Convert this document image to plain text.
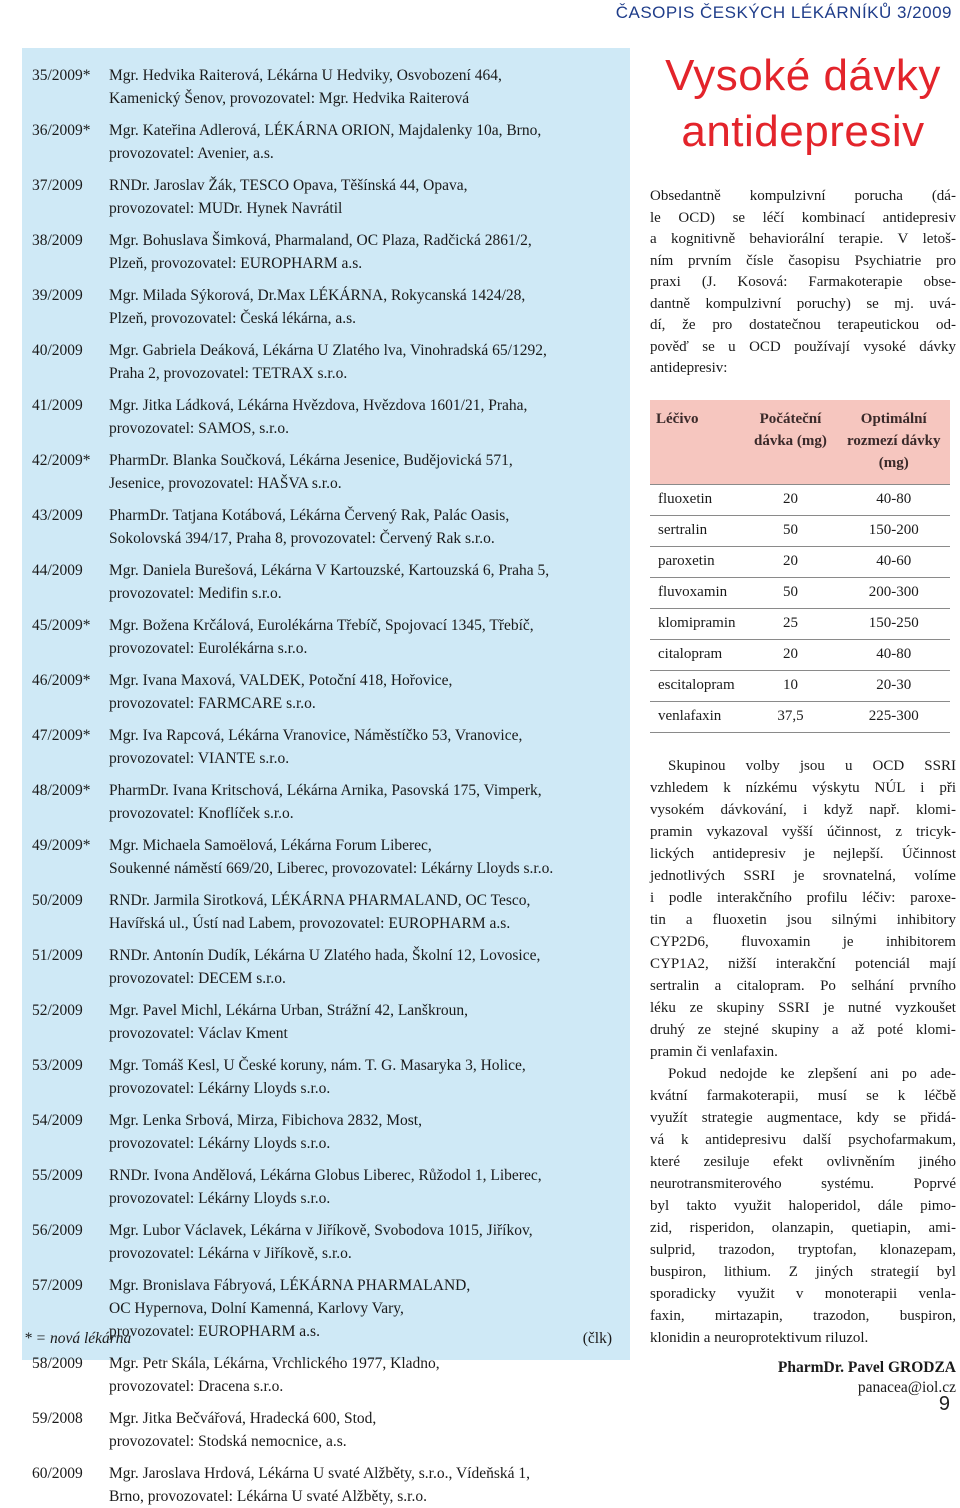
ČASOPIS ČESKÝCH LÉKÁRNÍKŮ 3/2009
35/2009*	Mgr. Hedvika Raiterová, Lékárna U Hedviky, Osvobození 464,
Kamenický Šenov, provozovatel: Mgr. Hedvika Raiterová
36/2009*	Mgr. Kateřina Adlerová, LÉKÁRNA ORION, Majdalenky 10a, Brno,
provozovatel: Avenier, a.s.
37/2009	RNDr. Jaroslav Žák, TESCO Opava, Těšínská 44, Opava,
provozovatel: MUDr. Hynek Navrátil
38/2009	Mgr. Bohuslava Šimková, Pharmaland, OC Plaza, Radčická 2861/2,
Plzeň, provozovatel: EUROPHARM a.s.
39/2009	Mgr. Milada Sýkorová, Dr.Max LÉKÁRNA, Rokycanská 1424/28,
Plzeň, provozovatel: Česká lékárna, a.s.
40/2009	Mgr. Gabriela Deáková, Lékárna U Zlatého lva, Vinohradská 65/1292,
Praha 2, provozovatel: TETRAX s.r.o.
41/2009	Mgr. Jitka Ládková, Lékárna Hvězdova, Hvězdova 1601/21, Praha,
provozovatel: SAMOS, s.r.o.
42/2009*	PharmDr. Blanka Součková, Lékárna Jesenice, Budějovická 571,
Jesenice, provozovatel: HAŠVA s.r.o.
43/2009	PharmDr. Tatjana Kotábová, Lékárna Červený Rak, Palác Oasis,
Sokolovská 394/17, Praha 8, provozovatel: Červený Rak s.r.o.
44/2009	Mgr. Daniela Burešová, Lékárna V Kartouzské, Kartouzská 6, Praha 5,
provozovatel: Medifin s.r.o.
45/2009*	Mgr. Božena Krčálová, Eurolékárna Třebíč, Spojovací 1345, Třebíč,
provozovatel: Eurolékárna s.r.o.
46/2009*	Mgr. Ivana Maxová, VALDEK, Potoční 418, Hořovice,
provozovatel: FARMCARE s.r.o.
47/2009*	Mgr. Iva Rapcová, Lékárna Vranovice, Náměstíčko 53, Vranovice,
provozovatel: VIANTE s.r.o.
48/2009*	PharmDr. Ivana Kritschová, Lékárna Arnika, Pasovská 175, Vimperk,
provozovatel: Knoflíček s.r.o.
49/2009*	Mgr. Michaela Samoëlová, Lékárna Forum Liberec,
Soukenné náměstí 669/20, Liberec, provozovatel: Lékárny Lloyds s.r.o.
50/2009	RNDr. Jarmila Sirotková, LÉKÁRNA PHARMALAND, OC Tesco,
Havířská ul., Ústí nad Labem, provozovatel: EUROPHARM a.s.
51/2009	RNDr. Antonín Dudík, Lékárna U Zlatého hada, Školní 12, Lovosice,
provozovatel: DECEM s.r.o.
52/2009	Mgr. Pavel Michl, Lékárna Urban, Strážní 42, Lanškroun,
provozovatel: Václav Kment
53/2009	Mgr. Tomáš Kesl, U České koruny, nám. T. G. Masaryka 3, Holice,
provozovatel: Lékárny Lloyds s.r.o.
54/2009	Mgr. Lenka Srbová, Mirza, Fibichova 2832, Most,
provozovatel: Lékárny Lloyds s.r.o.
55/2009	RNDr. Ivona Andělová, Lékárna Globus Liberec, Růžodol 1, Liberec,
provozovatel: Lékárny Lloyds s.r.o.
56/2009	Mgr. Lubor Václavek, Lékárna v Jiříkově, Svobodova 1015, Jiříkov,
provozovatel: Lékárna v Jiříkově, s.r.o.
57/2009	Mgr. Bronislava Fábryová, LÉKÁRNA PHARMALAND,
OC Hypernova, Dolní Kamenná, Karlovy Vary,
provozovatel: EUROPHARM a.s.
58/2009	Mgr. Petr Skála, Lékárna, Vrchlického 1977, Kladno,
provozovatel: Dracena s.r.o.
59/2008	Mgr. Jitka Bečvářová, Hradecká 600, Stod,
provozovatel: Stodská nemocnice, a.s.
60/2009	Mgr. Jaroslava Hrdová, Lékárna U svaté Alžběty, s.r.o., Vídeňská 1,
Brno, provozovatel: Lékárna U svaté Alžběty, s.r.o.
* = nová lékárna	(člk)
Vysoké dávky
antidepresiv
Obsedantně kompulzivní porucha (dá-
le OCD) se léčí kombinací antidepresiv
a kognitivně behaviorální terapie. V letoš-
ním prvním čísle časopisu Psychiatrie pro
praxi (J. Kosová: Farmakoterapie obse-
dantně kompulzivní poruchy) se mj. uvá-
dí, že pro dostatečnou terapeutickou od-
pověď se u OCD používají vysoké dávky
antidepresiv:
Léčivo	Počáteční dávka (mg)	Optimální rozmezí dávky (mg)
fluoxetin	20	40-80
sertralin	50	150-200
paroxetin	20	40-60
fluvoxamin	50	200-300
klomipramin	25	150-250
citalopram	20	40-80
escitalopram	10	20-30
venlafaxin	37,5	225-300
Skupinou volby jsou u OCD SSRI
vzhledem k nízkému výskytu NÚL i při
vysokém dávkování, i když např. klomi-
pramin vykazoval vyšší účinnost, z tricyk-
lických antidepresiv je nejlepší. Účinnost
jednotlivých SSRI je srovnatelná, volíme
i podle interakčního profilu léčiv: paroxe-
tin a fluoxetin jsou silnými inhibitory
CYP2D6, fluvoxamin je inhibitorem
CYP1A2, nižší interakční potenciál mají
sertralin a citalopram. Po selhání prvního
léku ze skupiny SSRI je nutné vyzkoušet
druhý ze stejné skupiny a až poté klomi-
pramin či venlafaxin.
Pokud nedojde ke zlepšení ani po ade-
kvátní farmakoterapii, musí se k léčbě
využít strategie augmentace, kdy se přidá-
vá k antidepresivu další psychofarmakum,
které zesiluje efekt ovlivněním jiného
neurotransmiterového	systému.	Poprvé
byl takto využit haloperidol, dále pimo-
zid, risperidon, olanzapin, quetiapin, ami-
sulprid, trazodon, tryptofan, klonazepam,
buspiron, lithium. Z jiných strategií byl
sporadicky využit v monoterapii venla-
faxin, mirtazapin, trazodon, buspiron,
klonidin a neuroprotektivum riluzol.
PharmDr. Pavel GRODZA
panacea@iol.cz
9
